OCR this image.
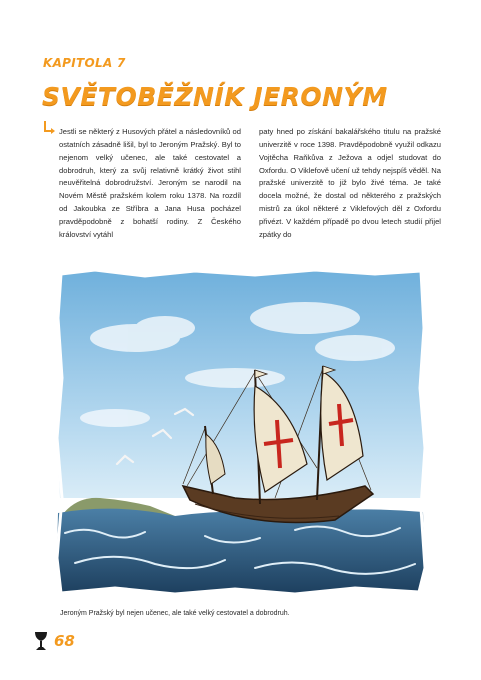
KAPITOLA 7
SVĚTOBĚŽNÍK JERONÝM
Jestli se některý z Husových přátel a následovníků od ostatních zásadně lišil, byl to Jeroným Pražský. Byl to nejenom velký učenec, ale také cestovatel a dobrodruh, který za svůj relativně krátký život stihl neuvěřitelná dobrodružství. Jeroným se narodil na Novém Městě pražském kolem roku 1378. Na rozdíl od Jakoubka ze Stříbra a Jana Husa pocházel pravděpodobně z bohatší rodiny. Z Českého království vytáhl
paty hned po získání bakalářského titulu na pražské univerzitě v roce 1398. Pravděpodobně využil odkazu Vojtěcha Raňkůva z Ježova a odjel studovat do Oxfordu. O Viklefově učení už tehdy nejspíš věděl. Na pražské univerzitě to již bylo živé téma. Je také docela možné, že dostal od některého z pražských mistrů za úkol některé z Viklefových děl z Oxfordu přivézt. V každém případě po dvou letech studií přijel zpátky do
Jeroným Pražský byl nejen učenec, ale také velký cestovatel a dobrodruh.
68
